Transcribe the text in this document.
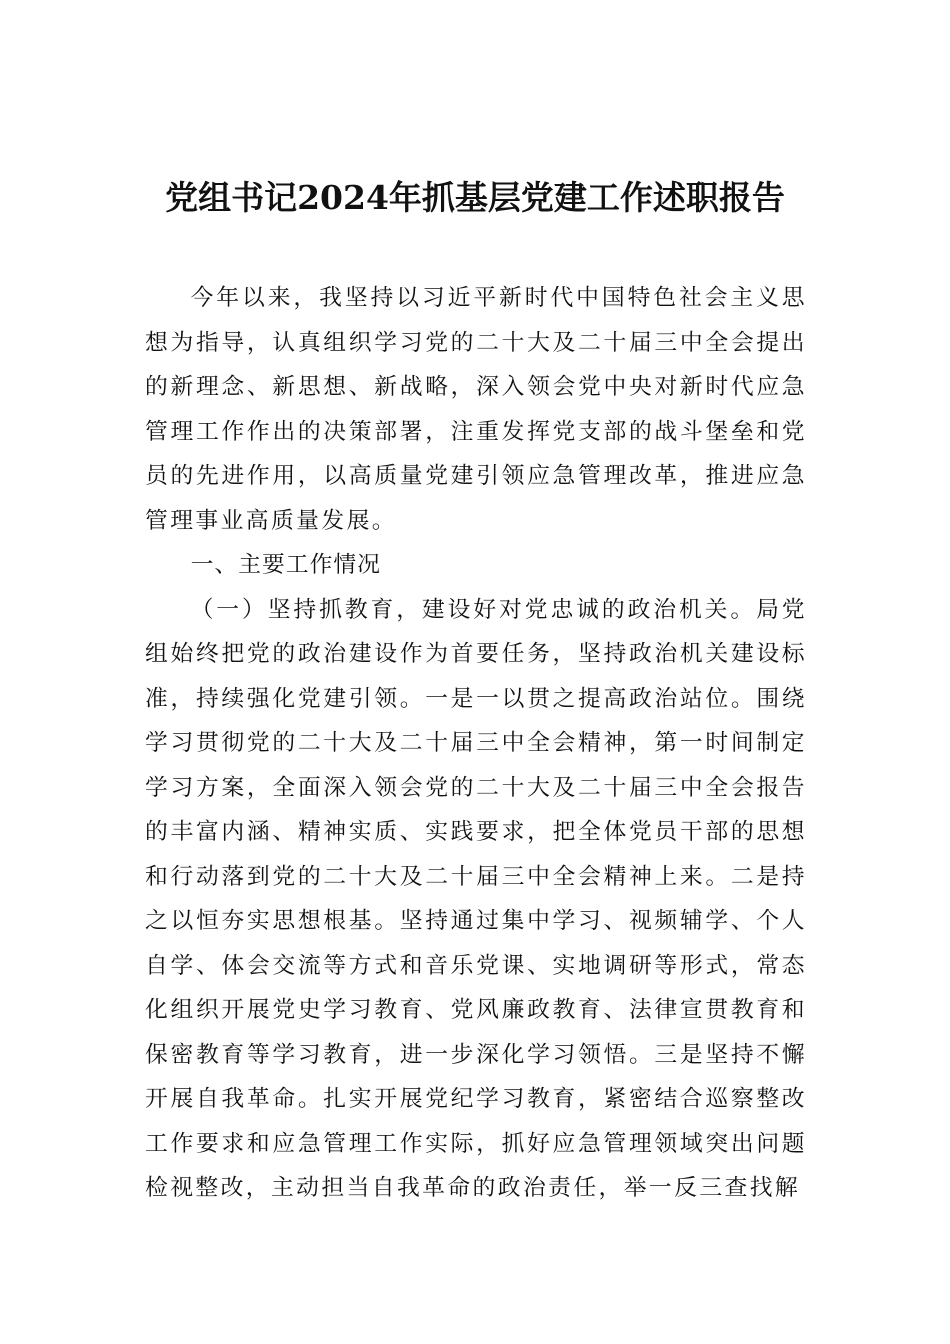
党组书记2024年抓基层党建工作述职报告

今年以来，我坚持以习近平新时代中国特色社会主义思想为指导，认真组织学习党的二十大及二十届三中全会提出的新理念、新思想、新战略，深入领会党中央对新时代应急管理工作作出的决策部署，注重发挥党支部的战斗堡垒和党员的先进作用，以高质量党建引领应急管理改革，推进应急管理事业高质量发展。

一、主要工作情况

（一）坚持抓教育，建设好对党忠诚的政治机关。局党组始终把党的政治建设作为首要任务，坚持政治机关建设标准，持续强化党建引领。一是一以贯之提高政治站位。围绕学习贯彻党的二十大及二十届三中全会精神，第一时间制定学习方案，全面深入领会党的二十大及二十届三中全会报告的丰富内涵、精神实质、实践要求，把全体党员干部的思想和行动落到党的二十大及二十届三中全会精神上来。二是持之以恒夯实思想根基。坚持通过集中学习、视频辅学、个人自学、体会交流等方式和音乐党课、实地调研等形式，常态化组织开展党史学习教育、党风廉政教育、法律宣贯教育和保密教育等学习教育，进一步深化学习领悟。三是坚持不懈开展自我革命。扎实开展党纪学习教育，紧密结合巡察整改工作要求和应急管理工作实际，抓好应急管理领域突出问题检视整改，主动担当自我革命的政治责任，举一反三查找解
